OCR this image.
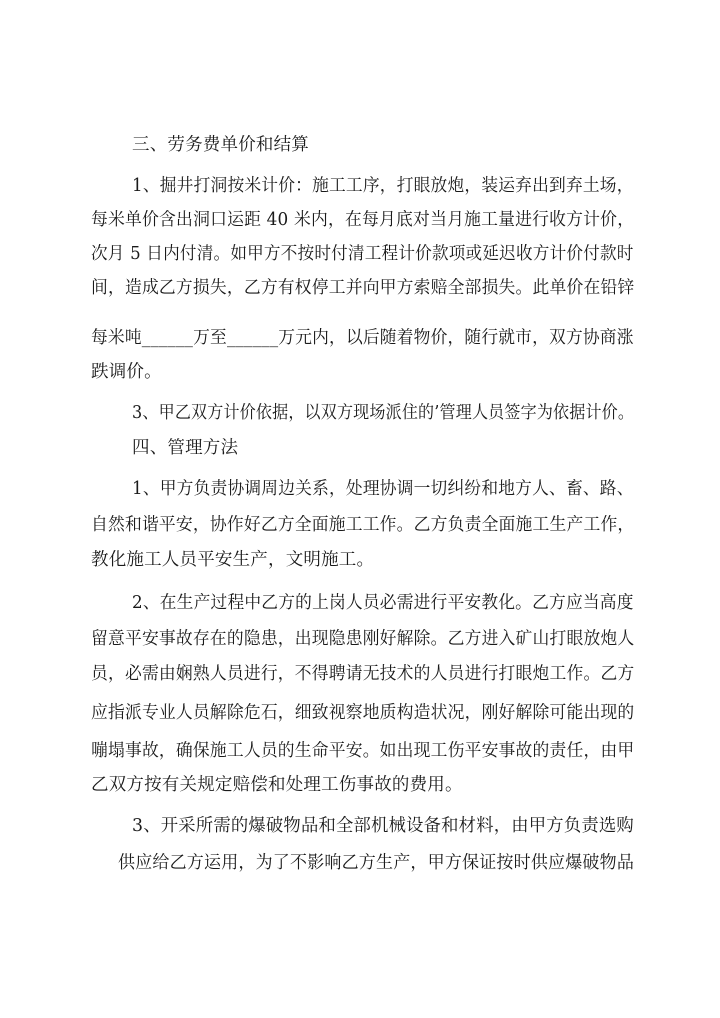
三、劳务费单价和结算
1、掘井打洞按米计价：施工工序，打眼放炮，装运弃出到弃土场，
每米单价含出洞口运距 40 米内，在每月底对当月施工量进行收方计价，
次月 5 日内付清。如甲方不按时付清工程计价款项或延迟收方计价付款时
间，造成乙方损失，乙方有权停工并向甲方索赔全部损失。此单价在铅锌
每米吨______万至______万元内，以后随着物价，随行就市，双方协商涨
跌调价。
3、甲乙双方计价依据，以双方现场派住的’管理人员签字为依据计价。
四、管理方法
1、甲方负责协调周边关系，处理协调一切纠纷和地方人、畜、路、
自然和谐平安，协作好乙方全面施工工作。乙方负责全面施工生产工作，
教化施工人员平安生产，文明施工。
2、在生产过程中乙方的上岗人员必需进行平安教化。乙方应当高度
留意平安事故存在的隐患，出现隐患刚好解除。乙方进入矿山打眼放炮人
员，必需由娴熟人员进行，不得聘请无技术的人员进行打眼炮工作。乙方
应指派专业人员解除危石，细致视察地质构造状况，刚好解除可能出现的
嘣塌事故，确保施工人员的生命平安。如出现工伤平安事故的责任，由甲
乙双方按有关规定赔偿和处理工伤事故的费用。
3、开采所需的爆破物品和全部机械设备和材料，由甲方负责选购
供应给乙方运用，为了不影响乙方生产，甲方保证按时供应爆破物品
